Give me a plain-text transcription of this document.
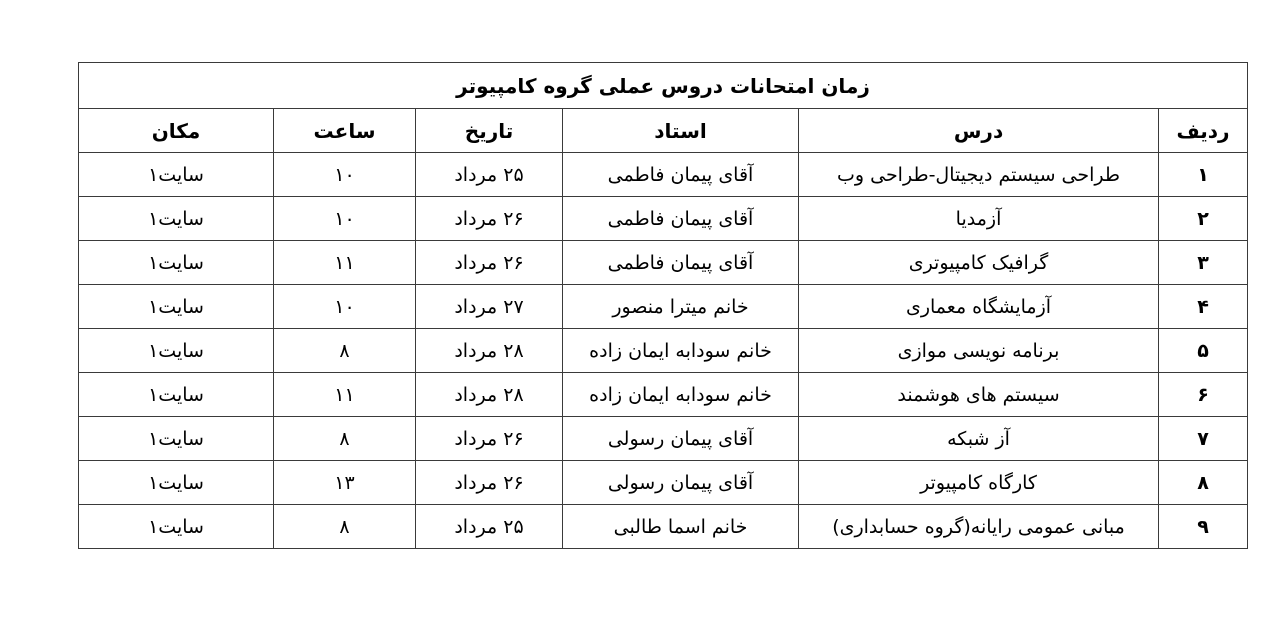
زمان امتحانات دروس عملی گروه کامپیوتر					
ردیف	درس	استاد	تاریخ	ساعت	مکان
۱	طراحی سیستم دیجیتال-طراحی وب	آقای پیمان فاطمی	۲۵ مرداد	۱۰	سایت۱
۲	آزمدیا	آقای پیمان فاطمی	۲۶ مرداد	۱۰	سایت۱
۳	گرافیک کامپیوتری	آقای پیمان فاطمی	۲۶ مرداد	۱۱	سایت۱
۴	آزمایشگاه معماری	خانم میترا منصور	۲۷ مرداد	۱۰	سایت۱
۵	برنامه نویسی موازی	خانم سودابه ایمان زاده	۲۸ مرداد	۸	سایت۱
۶	سیستم های هوشمند	خانم سودابه ایمان زاده	۲۸ مرداد	۱۱	سایت۱
۷	آز شبکه	آقای پیمان رسولی	۲۶ مرداد	۸	سایت۱
۸	کارگاه کامپیوتر	آقای پیمان رسولی	۲۶ مرداد	۱۳	سایت۱
۹	مبانی عمومی رایانه(گروه حسابداری)	خانم اسما طالبی	۲۵ مرداد	۸	سایت۱
